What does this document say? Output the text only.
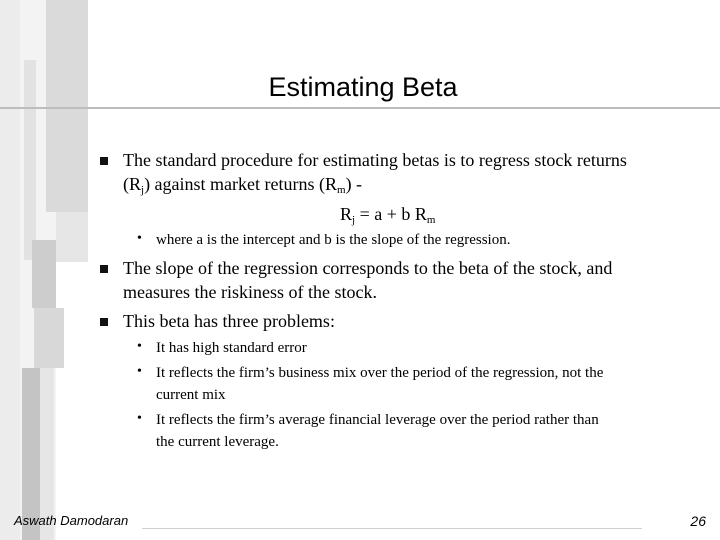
Estimating Beta
The standard procedure for estimating betas is to regress stock returns
$(R_j)$ against market returns $(R_m)$ -
$R_j = a + b$ $R_m$
• where a is the intercept and b is the slope of the regression.
The slope of the regression corresponds to the beta of the stock, and
measures the riskiness of the stock.
This beta has three problems:
• It has high standard error
• It reflects the firm’s business mix over the period of the regression, not the
current mix
• It reflects the firm’s average financial leverage over the period rather than
the current leverage.
Aswath Damodaran	26
